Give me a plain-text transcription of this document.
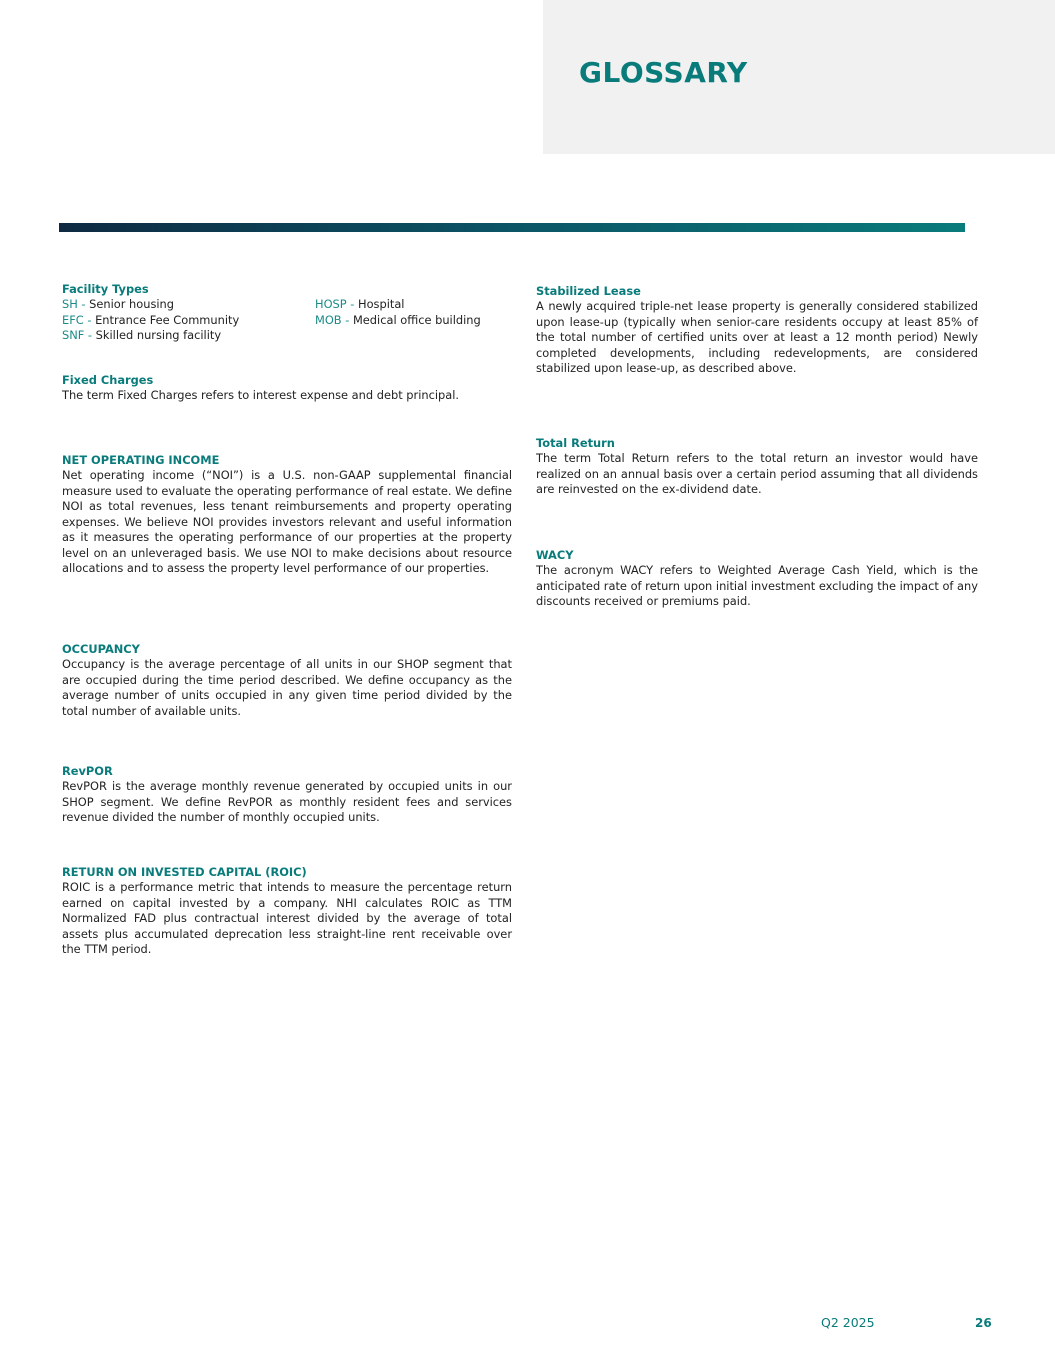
GLOSSARY

Facility Types

SH - Senior housing	HOSP - Hospital
EFC - Entrance Fee Community	MOB - Medical office building
SNF - Skilled nursing facility

Fixed Charges

The term Fixed Charges refers to interest expense and debt principal.

NET OPERATING INCOME

Net operating income (“NOI”) is a U.S. non-GAAP supplemental financial measure used to evaluate the operating performance of real estate. We define NOI as total revenues, less tenant reimbursements and property operating expenses. We believe NOI provides investors relevant and useful information as it measures the operating performance of our properties at the property level on an unleveraged basis. We use NOI to make decisions about resource allocations and to assess the property level performance of our properties.

OCCUPANCY

Occupancy is the average percentage of all units in our SHOP segment that are occupied during the time period described. We define occupancy as the average number of units occupied in any given time period divided by the total number of available units.

RevPOR

RevPOR is the average monthly revenue generated by occupied units in our SHOP segment. We define RevPOR as monthly resident fees and services revenue divided the number of monthly occupied units.

RETURN ON INVESTED CAPITAL (ROIC)

ROIC is a performance metric that intends to measure the percentage return earned on capital invested by a company. NHI calculates ROIC as TTM Normalized FAD plus contractual interest divided by the average of total assets plus accumulated deprecation less straight-line rent receivable over the TTM period.

Stabilized Lease

A newly acquired triple-net lease property is generally considered stabilized upon lease-up (typically when senior-care residents occupy at least 85% of the total number of certified units over at least a 12 month period) Newly completed developments, including redevelopments, are considered stabilized upon lease-up, as described above.

Total Return

The term Total Return refers to the total return an investor would have realized on an annual basis over a certain period assuming that all dividends are reinvested on the ex-dividend date.

WACY

The acronym WACY refers to Weighted Average Cash Yield, which is the anticipated rate of return upon initial investment excluding the impact of any discounts received or premiums paid.

Q2 2025	26
